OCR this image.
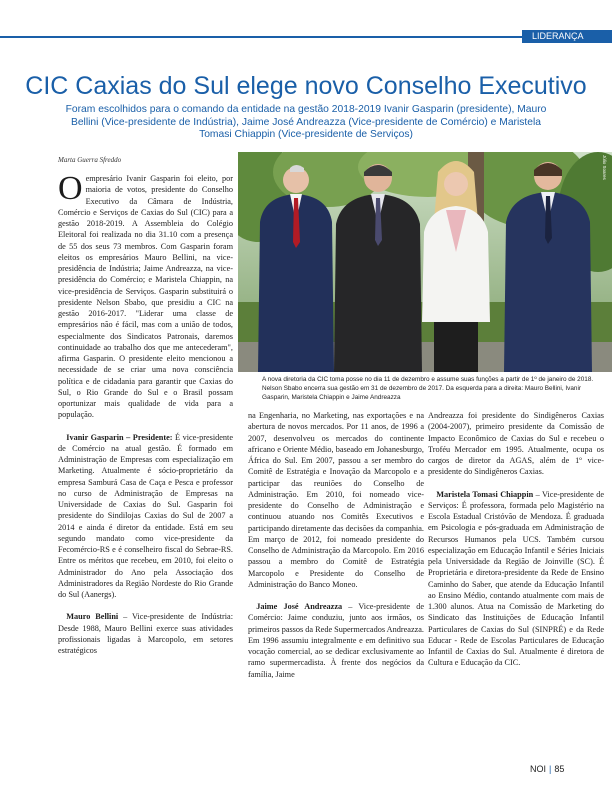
LIDERANÇA
CIC Caxias do Sul elege novo Conselho Executivo
Foram escolhidos para o comando da entidade na gestão 2018-2019 Ivanir Gasparin (presidente), Mauro Bellini (Vice-presidente de Indústria), Jaime José Andreazza (Vice-presidente de Comércio) e Maristela Tomasi Chiappin (Vice-presidente de Serviços)
Marta Guerra Sfreddo

Oempresário Ivanir Gasparin foi eleito, por maioria de votos, presidente do Conselho Executivo da Câmara de Indústria, Comércio e Serviços de Caxias do Sul (CIC) para a gestão 2018-2019. A Assembleia do Colégio Eleitoral foi realizada no dia 31.10 com a presença de 55 dos seus 73 membros. Com Gasparin foram eleitos os empresários Mauro Bellini, na vice-presidência de Indústria; Jaime Andreazza, na vice-presidência do Comércio; e Maristela Chiappin, na vice-presidência de Serviços. Gasparin substituirá o presidente Nelson Sbabo, que presidiu a CIC na gestão 2016-2017. "Liderar uma classe de empresários não é fácil, mas com a união de todos, especialmente dos Sindicatos Patronais, daremos continuidade ao trabalho dos que me antecederam", afirma Gasparin. O presidente eleito mencionou a necessidade de se criar uma nova consciência política e de cidadania para garantir que Caxias do Sul, o Rio Grande do Sul e o Brasil possam oportunizar mais qualidade de vida para a população.

 Ivanir Gasparin – Presidente: É vice-presidente de Comércio na atual gestão. É formado em Administração de Empresas com especialização em Marketing. Atualmente é sócio-proprietário da empresa Samburá Casa de Caça e Pesca e professor no curso de Administração de Empresas na Universidade de Caxias do Sul. Gasparin foi presidente do Sindilojas Caxias do Sul de 2007 a 2014 e ainda é diretor da entidade. Está em seu segundo mandato como vice-presidente da Fecomércio-RS e é conselheiro fiscal do Sebrae-RS. Entre os méritos que recebeu, em 2010, foi eleito o Administrador do Ano pela Associação dos Administradores da Região Nordeste do Rio Grande do Sul (Aanergs).

 Mauro Bellini – Vice-presidente de Indústria: Desde 1988, Mauro Bellini exerce suas atividades profissionais ligadas à Marcopolo, em setores estratégicos

Júlio Soares
A nova diretoria da CIC toma posse no dia 11 de dezembro e assume suas funções a partir de 1º de janeiro de 2018. Nelson Sbabo encerra sua gestão em 31 de dezembro de 2017. Da esquerda para a direita: Mauro Bellini, Ivanir Gasparin, Maristela Chiappin e Jaime Andreazza

na Engenharia, no Marketing, nas exportações e na abertura de novos mercados. Por 11 anos, de 1996 a 2007, desenvolveu os mercados do continente africano e Oriente Médio, baseado em Johanesburgo, África do Sul. Em 2007, passou a ser membro do Comitê de Estratégia e Inovação da Marcopolo e a participar das reuniões do Conselho de Administração. Em 2010, foi nomeado vice-presidente do Conselho de Administração e continuou atuando nos Comitês Executivos e participando diretamente das decisões da companhia. Em março de 2012, foi nomeado presidente do Conselho de Administração da Marcopolo. Em 2016 passou a membro do Comitê de Estratégia Marcopolo e Presidente do Conselho de Administração do Banco Moneo.

 Jaime José Andreazza – Vice-presidente de Comércio: Jaime conduziu, junto aos irmãos, os primeiros passos da Rede Supermercados Andreazza. Em 1996 assumiu integralmente e em definitivo sua vocação comercial, ao se dedicar exclusivamente ao ramo supermercadista. À frente dos negócios da família, Jaime

Andreazza foi presidente do Sindigêneros Caxias (2004-2007), primeiro presidente da Comissão de Impacto Econômico de Caxias do Sul e recebeu o Troféu Mercador em 1995. Atualmente, ocupa os cargos de diretor da AGAS, além de 1º vice-presidente do Sindigêneros Caxias.

 Maristela Tomasi Chiappin – Vice-presidente de Serviços: É professora, formada pelo Magistério na Escola Estadual Cristóvão de Mendoza. É graduada em Psicologia e pós-graduada em Administração de Recursos Humanos pela UCS. Também cursou especialização em Educação Infantil e Séries Iniciais pela Universidade da Região de Joinville (SC). É Proprietária e diretora-presidente da Rede de Ensino Caminho do Saber, que atende da Educação Infantil ao Ensino Médio, contando atualmente com mais de 1.300 alunos. Atua na Comissão de Marketing do Sindicato das Instituições de Educação Infantil Particulares de Caxias do Sul (SINPRÉ) e da Rede Educar - Rede de Escolas Particulares de Educação Infantil de Caxias do Sul. Atualmente é diretora de Cultura e Educação da CIC.

NOI | 85
